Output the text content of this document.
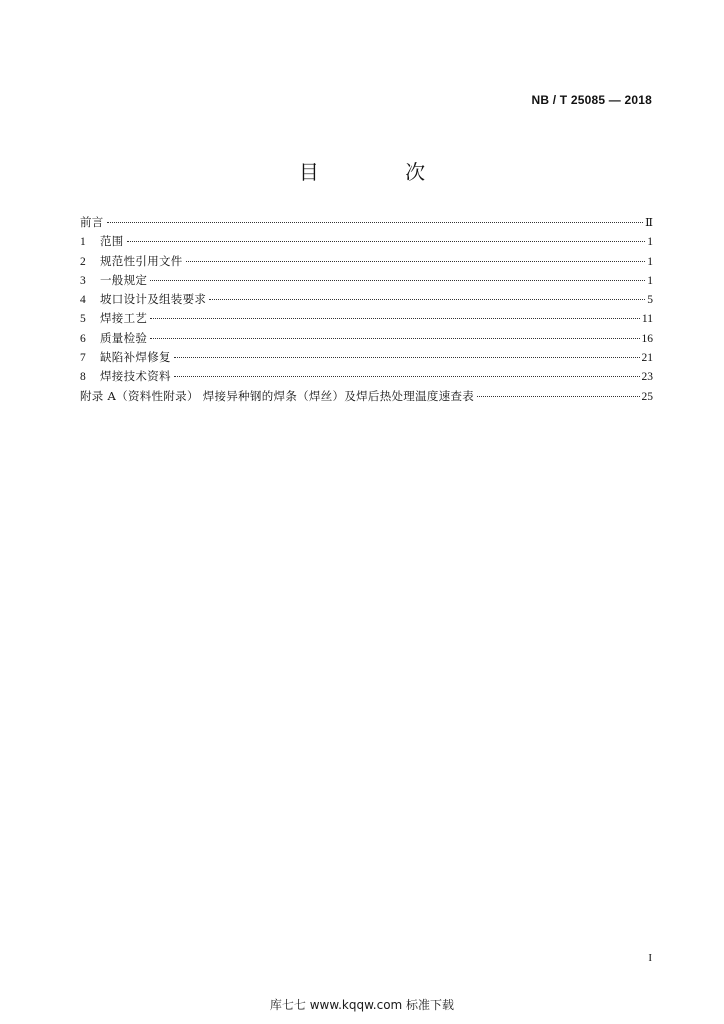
NB / T 25085 — 2018
目 次
前言	Ⅱ
1	范围	1
2	规范性引用文件	1
3	一般规定	1
4	坡口设计及组装要求	5
5	焊接工艺	11
6	质量检验	16
7	缺陷补焊修复	21
8	焊接技术资料	23
附录 A（资料性附录） 焊接异种钢的焊条（焊丝）及焊后热处理温度速查表	25
I
库七七 www.kqqw.com 标准下载
